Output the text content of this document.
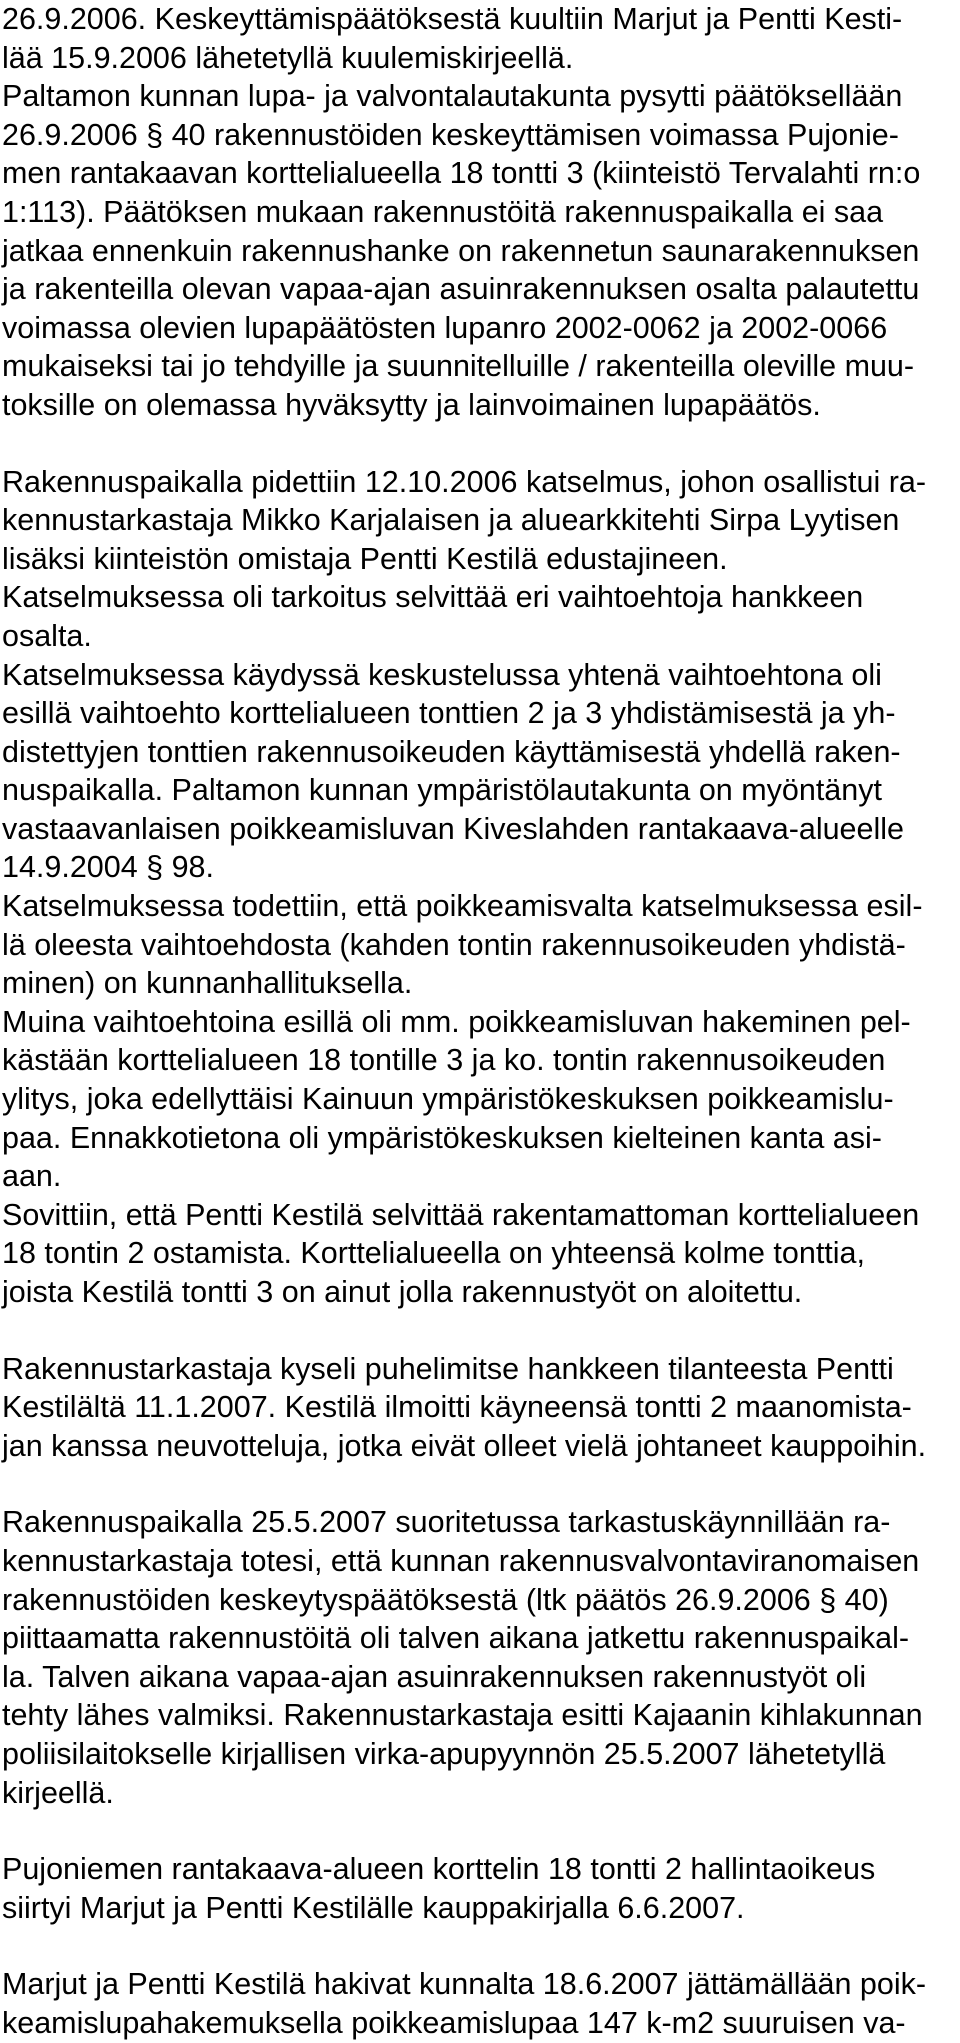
26.9.2006. Keskeyttämispäätöksestä kuultiin Marjut ja Pentti Kesti-
lää 15.9.2006 lähetetyllä kuulemiskirjeellä.
Paltamon kunnan lupa- ja valvontalautakunta pysytti päätöksellään
26.9.2006 § 40 rakennustöiden keskeyttämisen voimassa Pujonie-
men rantakaavan korttelialueella 18 tontti 3 (kiinteistö Tervalahti rn:o
1:113). Päätöksen mukaan rakennustöitä rakennuspaikalla ei saa
jatkaa ennenkuin rakennushanke on rakennetun saunarakennuksen
ja rakenteilla olevan vapaa-ajan asuinrakennuksen osalta palautettu
voimassa olevien lupapäätösten lupanro 2002-0062 ja 2002-0066
mukaiseksi tai jo tehdyille ja suunnitelluille / rakenteilla oleville muu-
toksille on olemassa hyväksytty ja lainvoimainen lupapäätös.
Rakennuspaikalla pidettiin 12.10.2006 katselmus, johon osallistui ra-
kennustarkastaja Mikko Karjalaisen ja aluearkkitehti Sirpa Lyytisen
lisäksi kiinteistön omistaja Pentti Kestilä edustajineen.
Katselmuksessa oli tarkoitus selvittää eri vaihtoehtoja hankkeen
osalta.
Katselmuksessa käydyssä keskustelussa yhtenä vaihtoehtona oli
esillä vaihtoehto korttelialueen tonttien 2 ja 3 yhdistämisestä ja yh-
distettyjen tonttien rakennusoikeuden käyttämisestä yhdellä raken-
nuspaikalla. Paltamon kunnan ympäristölautakunta on myöntänyt
vastaavanlaisen poikkeamisluvan Kiveslahden rantakaava-alueelle
14.9.2004 § 98.
Katselmuksessa todettiin, että poikkeamisvalta katselmuksessa esil-
lä oleesta vaihtoehdosta (kahden tontin rakennusoikeuden yhdistä-
minen) on kunnanhallituksella.
Muina vaihtoehtoina esillä oli mm. poikkeamisluvan hakeminen pel-
kästään korttelialueen 18 tontille 3 ja ko. tontin rakennusoikeuden
ylitys, joka edellyttäisi Kainuun ympäristökeskuksen poikkeamislu-
paa. Ennakkotietona oli ympäristökeskuksen kielteinen kanta asi-
aan.
Sovittiin, että Pentti Kestilä selvittää rakentamattoman korttelialueen
18 tontin 2 ostamista. Korttelialueella on yhteensä kolme tonttia,
joista Kestilä tontti 3 on ainut jolla rakennustyöt on aloitettu.
Rakennustarkastaja kyseli puhelimitse hankkeen tilanteesta Pentti
Kestilältä 11.1.2007. Kestilä ilmoitti käyneensä tontti 2 maanomista-
jan kanssa neuvotteluja, jotka eivät olleet vielä johtaneet kauppoihin.
Rakennuspaikalla 25.5.2007 suoritetussa tarkastuskäynnillään ra-
kennustarkastaja totesi, että kunnan rakennusvalvontaviranomaisen
rakennustöiden keskeytyspäätöksestä (ltk päätös 26.9.2006 § 40)
piittaamatta rakennustöitä oli talven aikana jatkettu rakennuspaikal-
la. Talven aikana vapaa-ajan asuinrakennuksen rakennustyöt oli
tehty lähes valmiksi. Rakennustarkastaja esitti Kajaanin kihlakunnan
poliisilaitokselle kirjallisen virka-apupyynnön 25.5.2007 lähetetyllä
kirjeellä.
Pujoniemen rantakaava-alueen korttelin 18 tontti 2 hallintaoikeus
siirtyi Marjut ja Pentti Kestilälle kauppakirjalla 6.6.2007.
Marjut ja Pentti Kestilä hakivat kunnalta 18.6.2007 jättämällään poik-
keamislupahakemuksella poikkeamislupaa 147 k-m2 suuruisen va-
